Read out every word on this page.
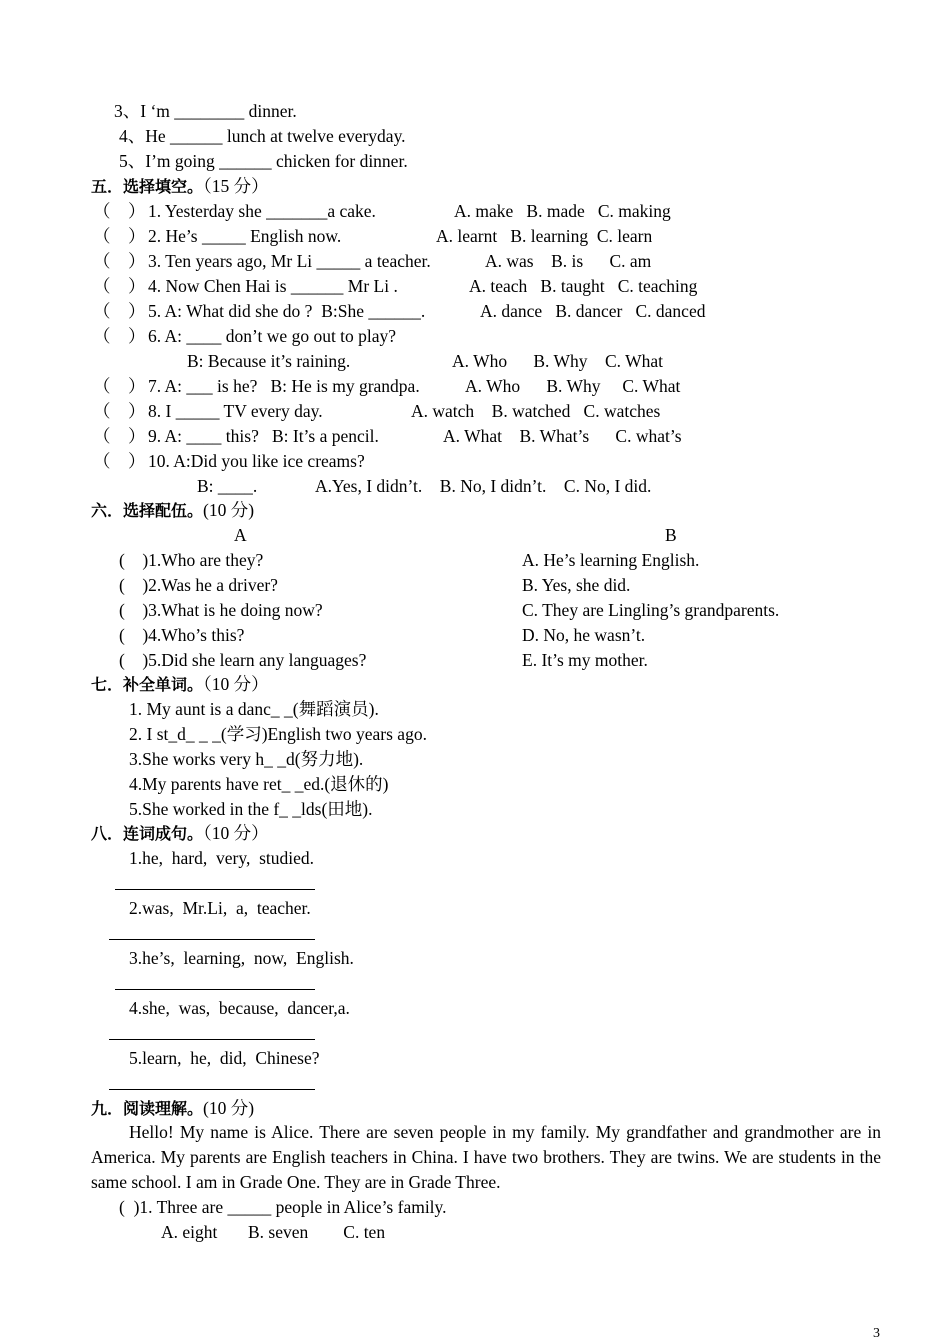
3、I ‘m ________ dinner.
4、He ______ lunch at twelve everyday.
5、I’m going ______ chicken for dinner.
五．选择填空。（15 分）
（　） 1. Yesterday she _______a cake.	A. make   B. made   C. making
（　） 2. He’s _____ English now.	A. learnt   B. learning  C. learn
（　） 3. Ten years ago, Mr Li _____ a teacher.	A. was    B. is      C. am
（　） 4. Now Chen Hai is ______ Mr Li .	A. teach   B. taught   C. teaching
（　） 5. A: What did she do ?  B:She ______.	A. dance   B. dancer   C. danced
（　） 6. A: ____ don’t we go out to play?
B: Because it’s raining.	A. Who      B. Why    C. What
（　） 7. A: ___ is he?   B: He is my grandpa.	A. Who      B. Why     C. What
（　） 8. I _____ TV every day.	A. watch    B. watched   C. watches
（　） 9. A: ____ this?   B: It’s a pencil.	A. What    B. What’s      C. what’s
（　） 10. A:Did you like ice creams?
B: ____.	A.Yes, I didn’t.    B. No, I didn’t.    C. No, I did.
六．选择配伍。(10 分)
A	B
(    )1.Who are they?	A. He’s learning English.
(    )2.Was he a driver?	B. Yes, she did.
(    )3.What is he doing now?	C. They are Lingling’s grandparents.
(    )4.Who’s this?	D. No, he wasn’t.
(    )5.Did she learn any languages?	E. It’s my mother.
七．补全单词。（10 分）
1. My aunt is a danc_ _(舞蹈演员).
2. I st_d_ _ _(学习)English two years ago.
3.She works very h_ _d(努力地).
4.My parents have ret_ _ed.(退休的)
5.She worked in the f_ _lds(田地).
八．连词成句。（10 分）
1.he,  hard,  very,  studied.
2.was,  Mr.Li,  a,  teacher.
3.he’s,  learning,  now,  English.
4.she,  was,  because,  dancer,a.
5.learn,  he,  did,  Chinese?
九．阅读理解。(10 分)
Hello! My name is Alice. There are seven people in my family. My grandfather and grandmother are in America. My parents are English teachers in China. I have two brothers. They are twins. We are students in the same school. I am in Grade One. They are in Grade Three.
(  )1. Three are _____ people in Alice’s family.
A. eight       B. seven        C. ten
3
